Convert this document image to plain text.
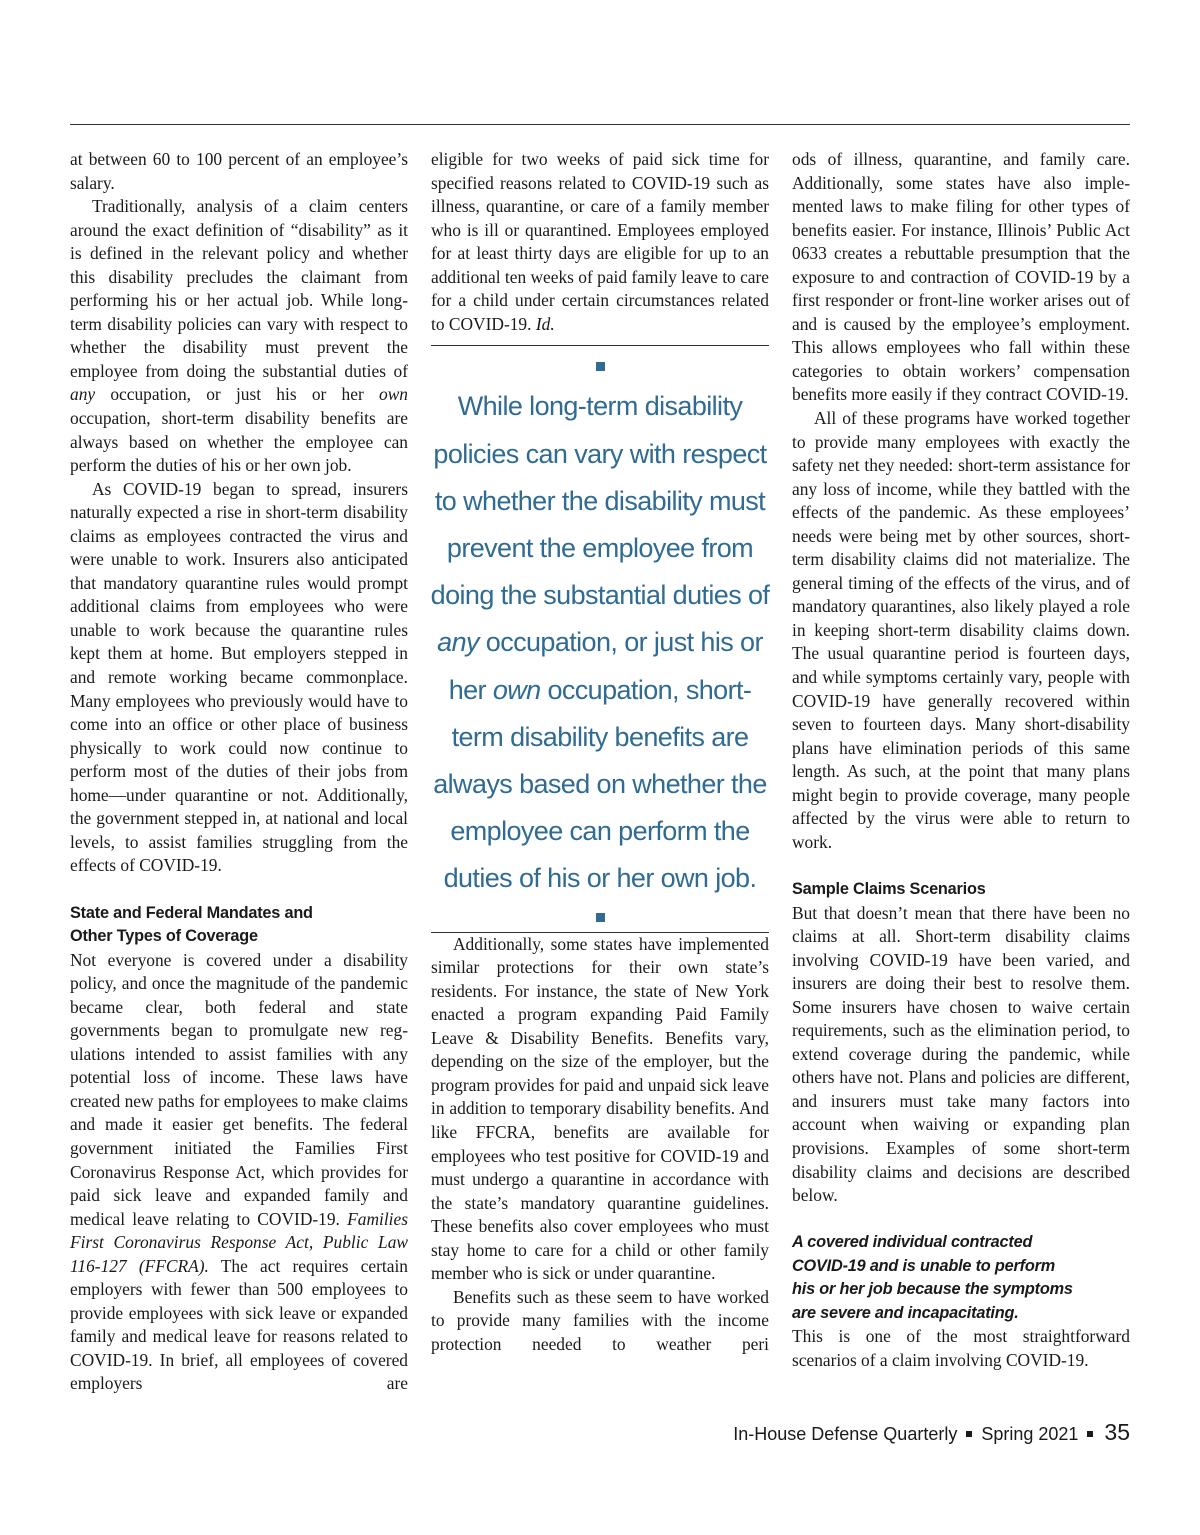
at between 60 to 100 percent of an employee’s salary.

Traditionally, analysis of a claim centers around the exact definition of “disability” as it is defined in the relevant policy and whether this disability precludes the claimant from performing his or her actual job. While long-term disability policies can vary with respect to whether the disability must prevent the employee from doing the substantial duties of any occupation, or just his or her own occupation, short-term disability benefits are always based on whether the employee can perform the duties of his or her own job.

As COVID-19 began to spread, insurers naturally expected a rise in short-term disability claims as employees contracted the virus and were unable to work. Insurers also anticipated that mandatory quarantine rules would prompt additional claims from employees who were unable to work because the quarantine rules kept them at home. But employers stepped in and remote working became commonplace. Many employees who previously would have to come into an office or other place of business physically to work could now continue to perform most of the duties of their jobs from home—under quarantine or not. Additionally, the government stepped in, at national and local levels, to assist families struggling from the effects of COVID-19.

State and Federal Mandates and
Other Types of Coverage

Not everyone is covered under a disability policy, and once the magnitude of the pandemic became clear, both federal and state governments began to promulgate new regulations intended to assist families with any potential loss of income. These laws have created new paths for employees to make claims and made it easier get benefits. The federal government initiated the Families First Coronavirus Response Act, which provides for paid sick leave and expanded family and medical leave relating to COVID-19. Families First Coronavirus Response Act, Public Law 116-127 (FFCRA). The act requires certain employers with fewer than 500 employees to provide employees with sick leave or expanded family and medical leave for reasons related to COVID-19. In brief, all employees of covered employers are

eligible for two weeks of paid sick time for specified reasons related to COVID-19 such as illness, quarantine, or care of a family member who is ill or quarantined. Employees employed for at least thirty days are eligible for up to an additional ten weeks of paid family leave to care for a child under certain circumstances related to COVID-19. Id.

While long-term disability policies can vary with respect to whether the disability must prevent the employee from doing the substantial duties of any occupation, or just his or her own occupation, short-term disability benefits are always based on whether the employee can perform the duties of his or her own job.

Additionally, some states have implemented similar protections for their own state’s residents. For instance, the state of New York enacted a program expanding Paid Family Leave & Disability Benefits. Benefits vary, depending on the size of the employer, but the program provides for paid and unpaid sick leave in addition to temporary disability benefits. And like FFCRA, benefits are available for employees who test positive for COVID-19 and must undergo a quarantine in accordance with the state’s mandatory quarantine guidelines. These benefits also cover employees who must stay home to care for a child or other family member who is sick or under quarantine.

Benefits such as these seem to have worked to provide many families with the income protection needed to weather peri

ods of illness, quarantine, and family care. Additionally, some states have also implemented laws to make filing for other types of benefits easier. For instance, Illinois’ Public Act 0633 creates a rebuttable presumption that the exposure to and contraction of COVID-19 by a first responder or front-line worker arises out of and is caused by the employee’s employment. This allows employees who fall within these categories to obtain workers’ compensation benefits more easily if they contract COVID-19.

All of these programs have worked together to provide many employees with exactly the safety net they needed: short-term assistance for any loss of income, while they battled with the effects of the pandemic. As these employees’ needs were being met by other sources, short-term disability claims did not materialize. The general timing of the effects of the virus, and of mandatory quarantines, also likely played a role in keeping short-term disability claims down. The usual quarantine period is fourteen days, and while symptoms certainly vary, people with COVID-19 have generally recovered within seven to fourteen days. Many short-disability plans have elimination periods of this same length. As such, at the point that many plans might begin to provide coverage, many people affected by the virus were able to return to work.

Sample Claims Scenarios

But that doesn’t mean that there have been no claims at all. Short-term disability claims involving COVID-19 have been varied, and insurers are doing their best to resolve them. Some insurers have chosen to waive certain requirements, such as the elimination period, to extend coverage during the pandemic, while others have not. Plans and policies are different, and insurers must take many factors into account when waiving or expanding plan provisions. Examples of some short-term disability claims and decisions are described below.

A covered individual contracted
COVID-19 and is unable to perform
his or her job because the symptoms
are severe and incapacitating.

This is one of the most straightforward scenarios of a claim involving COVID-19.

In-House Defense Quarterly Spring 2021 35
